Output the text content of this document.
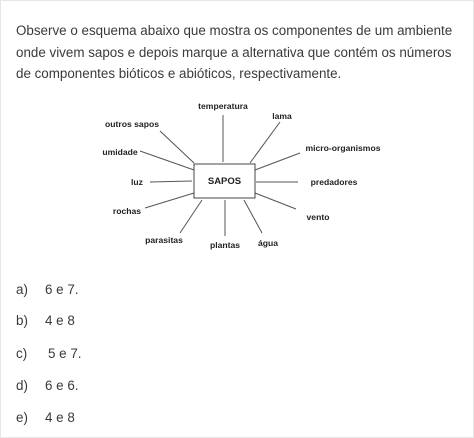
Observe o esquema abaixo que mostra os componentes de um ambiente

onde vivem sapos e depois marque a alternativa que contém os números

de componentes bióticos e abióticos, respectivamente.

SAPOS
temperatura
lama
outros sapos
umidade	micro-organismos
luz	predadores
rochas
vento
parasitas	plantas água
a) 6 e 7.
b) 4 e 8
c) 5 e 7.
d) 6 e 6.
e) 4 e 8
